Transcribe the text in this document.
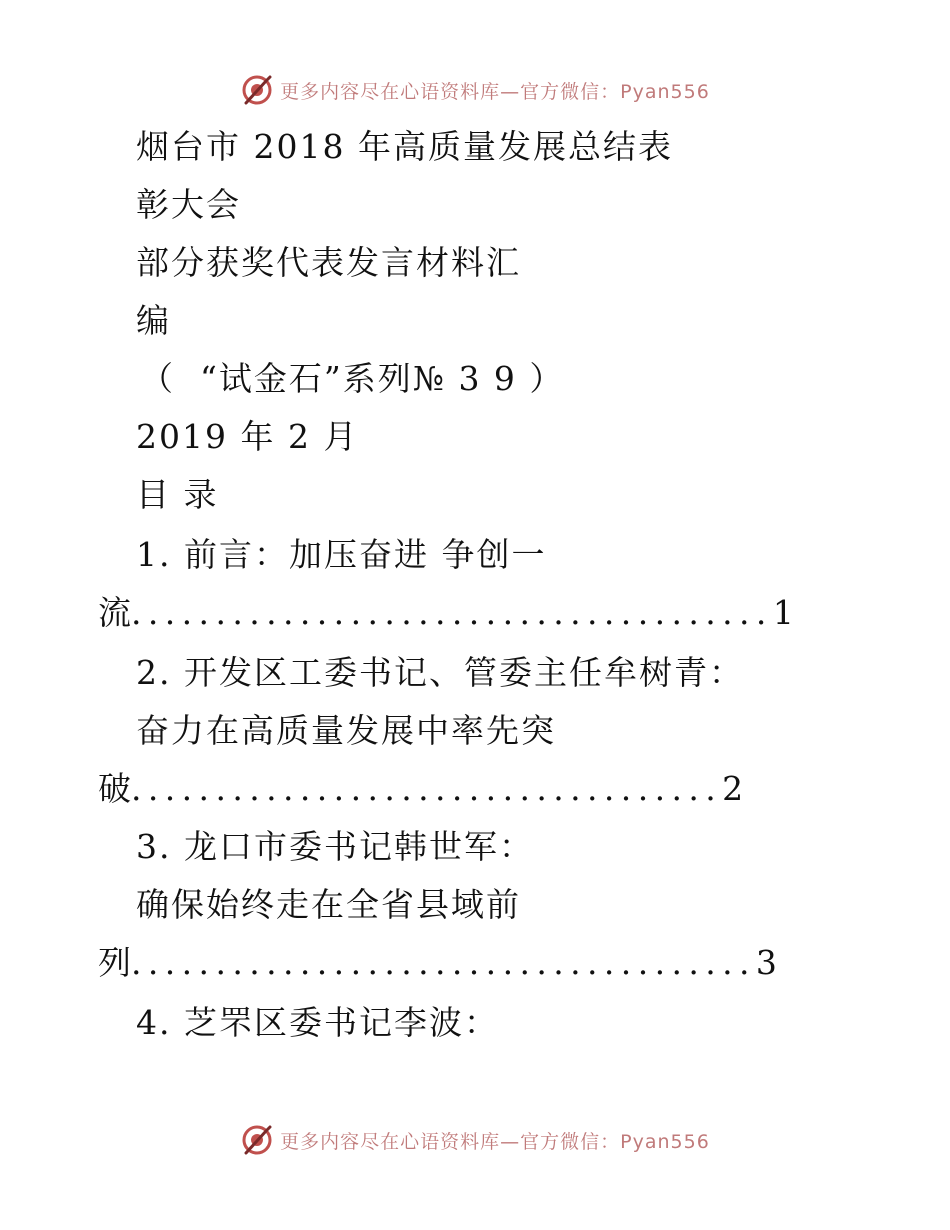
更多内容尽在心语资料库—官方微信：Pyan556
烟台市 2018 年高质量发展总结表
彰大会
部分获奖代表发言材料汇
编
（  “试金石”系列№ 3 9 ）
2019 年 2 月
目 录
1. 前言：加压奋进 争创一
流 ...................................... 1
2. 开发区工委书记、管委主任牟树青：
奋力在高质量发展中率先突
破 ................................... 2
3. 龙口市委书记韩世军：
确保始终走在全省县域前
列 ..................................... 3
4. 芝罘区委书记李波：
更多内容尽在心语资料库—官方微信：Pyan556
